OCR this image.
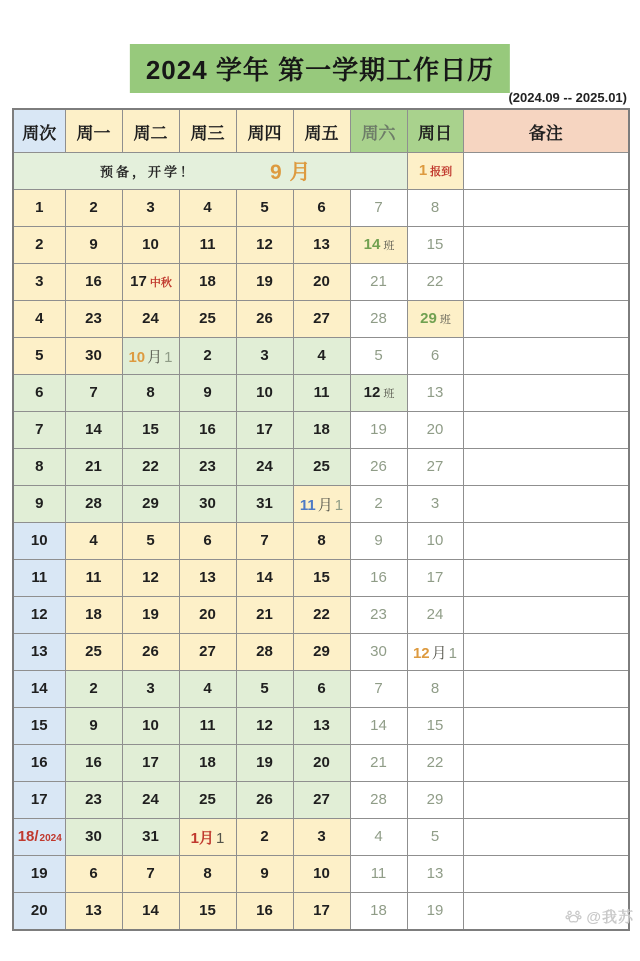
2024 学年 第一学期工作日历
(2024.09 -- 2025.01)
周次	周一	周二	周三	周四	周五	周六	周日	备注

预备，开学！ 9 月							1 报到	
1	2	3	4	5	6	7	8	
2	9	10	11	12	13	14 班	15	
3	16	17 中秋	18	19	20	21	22	
4	23	24	25	26	27	28	29 班	
5	30	10 月 1	2	3	4	5	6	
6	7	8	9	10	11	12 班	13	
7	14	15	16	17	18	19	20	
8	21	22	23	24	25	26	27	
9	28	29	30	31	11 月 1	2	3	
10	4	5	6	7	8	9	10	
11	11	12	13	14	15	16	17	
12	18	19	20	21	22	23	24	
13	25	26	27	28	29	30	12 月 1	
14	2	3	4	5	6	7	8	
15	9	10	11	12	13	14	15	
16	16	17	18	19	20	21	22	
17	23	24	25	26	27	28	29	
18/2024	30	31	1月 1	2	3	4	5	
19	6	7	8	9	10	11	13	
20	13	14	15	16	17	18	19		@我苏
